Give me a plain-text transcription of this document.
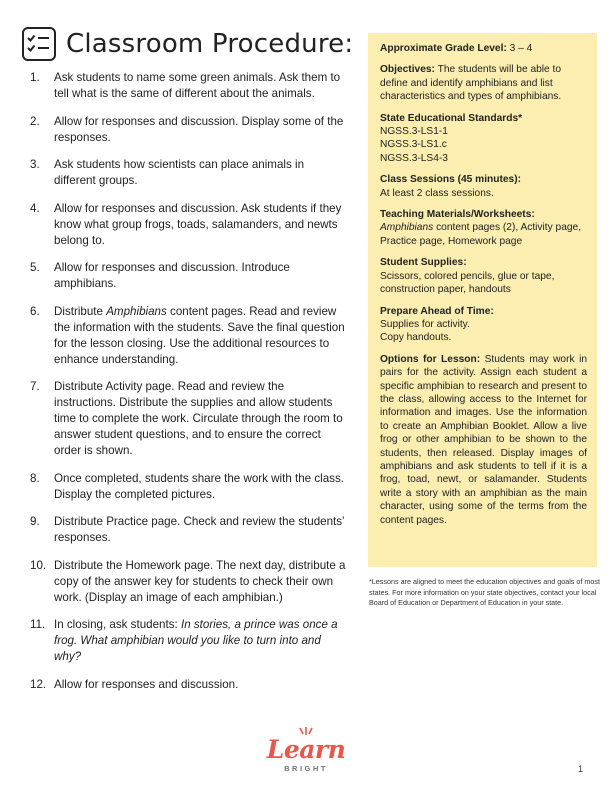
Classroom Procedure:
1.	Ask students to name some green animals. Ask them to tell what is the same of different about the animals.
2.	Allow for responses and discussion. Display some of the responses.
3.	Ask students how scientists can place animals in different groups.
4.	Allow for responses and discussion. Ask students if they know what group frogs, toads, salamanders, and newts belong to.
5.	Allow for responses and discussion. Introduce amphibians.
6.	Distribute Amphibians content pages. Read and review the information with the students. Save the final question for the lesson closing. Use the additional resources to enhance understanding.
7.	Distribute Activity page. Read and review the instructions. Distribute the supplies and allow students time to complete the work. Circulate through the room to answer student questions, and to ensure the correct order is shown.
8.	Once completed, students share the work with the class. Display the completed pictures.
9.	Distribute Practice page. Check and review the students’ responses.
10. Distribute the Homework page. The next day, distribute a copy of the answer key for students to check their own work. (Display an image of each amphibian.)
11. In closing, ask students: In stories, a prince was once a frog. What amphibian would you like to turn into and why?
12. Allow for responses and discussion.
Approximate Grade Level: 3 – 4
Objectives: The students will be able to define and identify amphibians and list characteristics and types of amphibians.
State Educational Standards*
NGSS.3-LS1-1
NGSS.3-LS1.c
NGSS.3-LS4-3
Class Sessions (45 minutes):
At least 2 class sessions.
Teaching Materials/Worksheets:
Amphibians content pages (2), Activity page, Practice page, Homework page
Student Supplies:
Scissors, colored pencils, glue or tape, construction paper, handouts
Prepare Ahead of Time:
Supplies for activity.
Copy handouts.
Options for Lesson: Students may work in pairs for the activity. Assign each student a specific amphibian to research and present to the class, allowing access to the Internet for information and images. Use the information to create an Amphibian Booklet. Allow a live frog or other amphibian to be shown to the students, then released. Display images of amphibians and ask students to tell if it is a frog, toad, newt, or salamander. Students write a story with an amphibian as the main character, using some of the terms from the content pages.
*Lessons are aligned to meet the education objectives and goals of most states. For more information on your state objectives, contact your local Board of Education or Department of Education in your state.
Learn
BRIGHT	1
